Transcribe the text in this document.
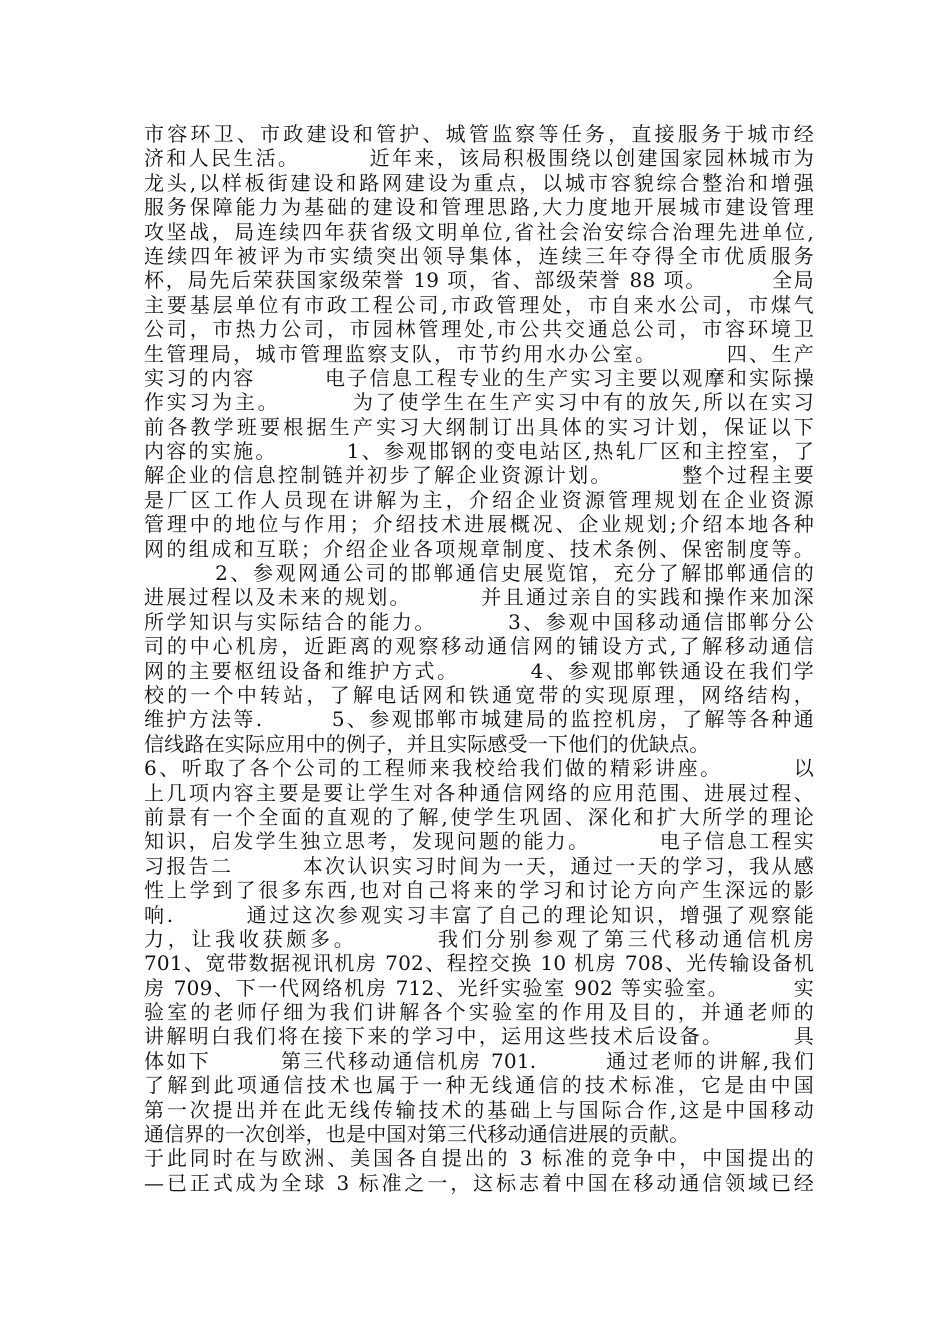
市容环卫、市政建设和管护、城管监察等任务，直接服务于城市经
济和人民生活。        近年来，该局积极围绕以创建国家园林城市为
龙头,以样板街建设和路网建设为重点，以城市容貌综合整治和增强
服务保障能力为基础的建设和管理思路,大力度地开展城市建设管理
攻坚战，局连续四年获省级文明单位,省社会治安综合治理先进单位,
连续四年被评为市实绩突出领导集体，连续三年夺得全市优质服务
杯，局先后荣获国家级荣誉 19 项，省、部级荣誉 88 项。        全局
主要基层单位有市政工程公司,市政管理处，市自来水公司，市煤气
公司，市热力公司，市园林管理处,市公共交通总公司，市容环境卫
生管理局，城市管理监察支队，市节约用水办公室。        四、生产
实习的内容        电子信息工程专业的生产实习主要以观摩和实际操
作实习为主。        为了使学生在生产实习中有的放矢,所以在实习
前各教学班要根据生产实习大纲制订出具体的实习计划，保证以下
内容的实施。        1、参观邯钢的变电站区,热轧厂区和主控室，了
解企业的信息控制链并初步了解企业资源计划。        整个过程主要
是厂区工作人员现在讲解为主，介绍企业资源管理规划在企业资源
管理中的地位与作用；介绍技术进展概况、企业规划;介绍本地各种
网的组成和互联；介绍企业各项规章制度、技术条例、保密制度等。
2、参观网通公司的邯郸通信史展览馆，充分了解邯郸通信的
进展过程以及未来的规划。        并且通过亲自的实践和操作来加深
所学知识与实际结合的能力。        3、参观中国移动通信邯郸分公
司的中心机房，近距离的观察移动通信网的铺设方式,了解移动通信
网的主要枢纽设备和维护方式。        4、参观邯郸铁通设在我们学
校的一个中转站，了解电话网和铁通宽带的实现原理，网络结构，
维护方法等.        5、参观邯郸市城建局的监控机房，了解等各种通
信线路在实际应用中的例子，并且实际感受一下他们的优缺点。
6、听取了各个公司的工程师来我校给我们做的精彩讲座。        以
上几项内容主要是要让学生对各种通信网络的应用范围、进展过程、
前景有一个全面的直观的了解,使学生巩固、深化和扩大所学的理论
知识，启发学生独立思考，发现问题的能力。        电子信息工程实
习报告二        本次认识实习时间为一天，通过一天的学习，我从感
性上学到了很多东西,也对自己将来的学习和讨论方向产生深远的影
响.        通过这次参观实习丰富了自己的理论知识，增强了观察能
力，让我收获颇多。        我们分别参观了第三代移动通信机房
701、宽带数据视讯机房 702、程控交换 10 机房 708、光传输设备机
房 709、下一代网络机房 712、光纤实验室 902 等实验室。        实
验室的老师仔细为我们讲解各个实验室的作用及目的，并通老师的
讲解明白我们将在接下来的学习中，运用这些技术后设备。        具
体如下        第三代移动通信机房 701.        通过老师的讲解,我们
了解到此项通信技术也属于一种无线通信的技术标准，它是由中国
第一次提出并在此无线传输技术的基础上与国际合作,这是中国移动
通信界的一次创举，也是中国对第三代移动通信进展的贡献。
于此同时在与欧洲、美国各自提出的 3 标准的竞争中，中国提出的
—已正式成为全球 3 标准之一，这标志着中国在移动通信领域已经
